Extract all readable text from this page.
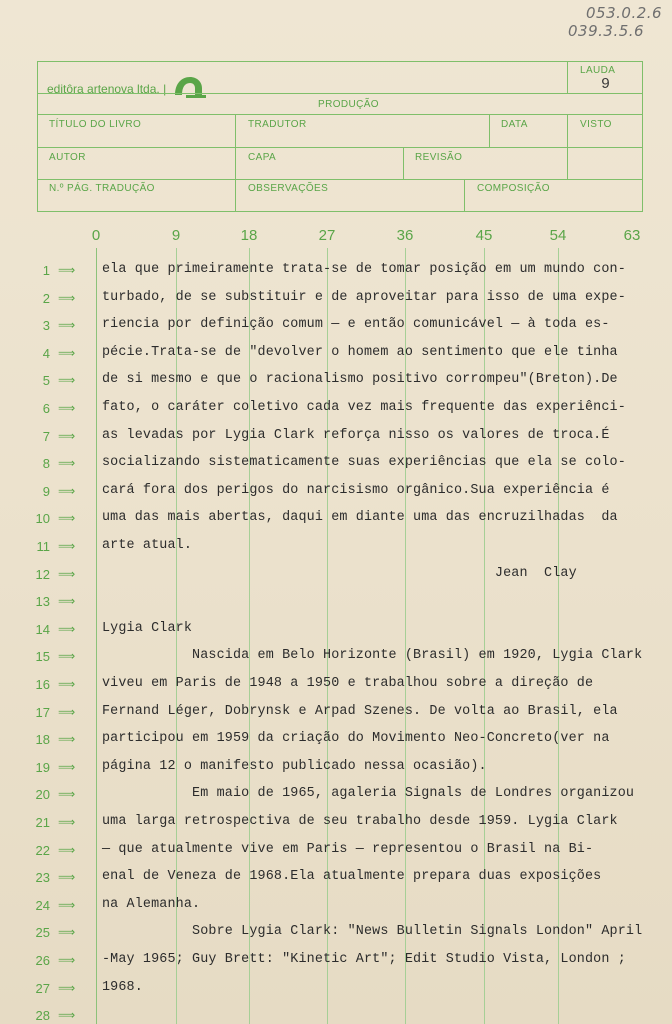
053.0.2.6
039.3.5.6
editôra artenova ltda. |
LAUDA
9
PRODUÇÃO
TÍTULO DO LIVRO	TRADUTOR	DATA	VISTO
AUTOR	CAPA	REVISÃO
N.º PÁG. TRADUÇÃO	OBSERVAÇÕES	COMPOSIÇÃO
0	9	18	27	36	45	54	63
1 ⟹ ela que primeiramente trata-se de tomar posição em um mundo con-
2 ⟹ turbado, de se substituir e de aproveitar para isso de uma expe-
3 ⟹ riencia por definição comum — e então comunicável — à toda es-
4 ⟹ pécie.Trata-se de "devolver o homem ao sentimento que ele tinha
5 ⟹ de si mesmo e que o racionalismo positivo corrompeu"(Breton).De
6 ⟹ fato, o caráter coletivo cada vez mais frequente das experiênci-
7 ⟹ as levadas por Lygia Clark reforça nisso os valores de troca.É
8 ⟹ socializando sistematicamente suas experiências que ela se colo-
9 ⟹ cará fora dos perigos do narcisismo orgânico.Sua experiência é
10 ⟹ uma das mais abertas, daqui em diante uma das encruzilhadas  da
11 ⟹ arte atual.
12 ⟹ Jean  Clay
13 ⟹
14 ⟹ Lygia Clark
15 ⟹ Nascida em Belo Horizonte (Brasil) em 1920, Lygia Clark
16 ⟹ viveu em Paris de 1948 a 1950 e trabalhou sobre a direção de
17 ⟹ Fernand Léger, Dobrynsk e Arpad Szenes. De volta ao Brasil, ela
18 ⟹ participou em 1959 da criação do Movimento Neo-Concreto(ver na
19 ⟹ página 12 o manifesto publicado nessa ocasião).
20 ⟹ Em maio de 1965, agaleria Signals de Londres organizou
21 ⟹ uma larga retrospectiva de seu trabalho desde 1959. Lygia Clark
22 ⟹ — que atualmente vive em Paris — representou o Brasil na Bi-
23 ⟹ enal de Veneza de 1968.Ela atualmente prepara duas exposições
24 ⟹ na Alemanha.
25 ⟹ Sobre Lygia Clark: "News Bulletin Signals London" April
26 ⟹ -May 1965; Guy Brett: "Kinetic Art"; Edit Studio Vista, London ;
27 ⟹ 1968.
28 ⟹
